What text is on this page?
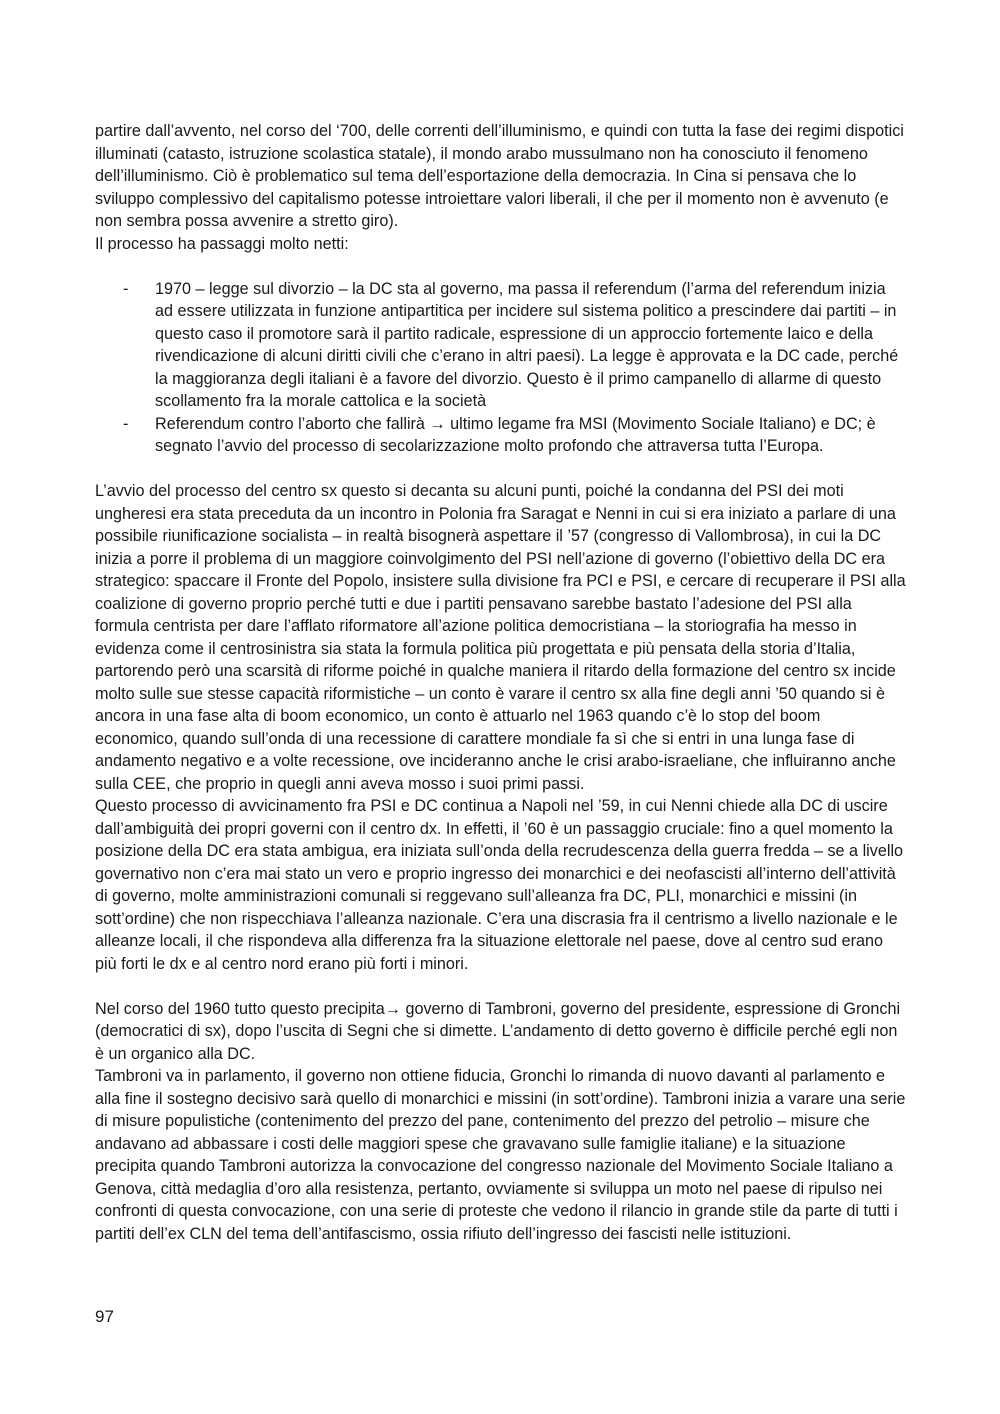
partire dall’avvento, nel corso del ‘700, delle correnti dell’illuminismo, e quindi con tutta la fase dei regimi dispotici illuminati (catasto, istruzione scolastica statale), il mondo arabo mussulmano non ha conosciuto il fenomeno dell’illuminismo. Ciò è problematico sul tema dell’esportazione della democrazia. In Cina si pensava che lo sviluppo complessivo del capitalismo potesse introiettare valori liberali, il che per il momento non è avvenuto (e non sembra possa avvenire a stretto giro).

Il processo ha passaggi molto netti:

- 1970 – legge sul divorzio – la DC sta al governo, ma passa il referendum (l’arma del referendum inizia ad essere utilizzata in funzione antipartitica per incidere sul sistema politico a prescindere dai partiti – in questo caso il promotore sarà il partito radicale, espressione di un approccio fortemente laico e della rivendicazione di alcuni diritti civili che c’erano in altri paesi). La legge è approvata e la DC cade, perché la maggioranza degli italiani è a favore del divorzio. Questo è il primo campanello di allarme di questo scollamento fra la morale cattolica e la società
- Referendum contro l’aborto che fallirà → ultimo legame fra MSI (Movimento Sociale Italiano) e DC; è segnato l’avvio del processo di secolarizzazione molto profondo che attraversa tutta l’Europa.

L’avvio del processo del centro sx questo si decanta su alcuni punti, poiché la condanna del PSI dei moti ungheresi era stata preceduta da un incontro in Polonia fra Saragat e Nenni in cui si era iniziato a parlare di una possibile riunificazione socialista – in realtà bisognerà aspettare il ’57 (congresso di Vallombrosa), in cui la DC inizia a porre il problema di un maggiore coinvolgimento del PSI nell’azione di governo (l’obiettivo della DC era strategico: spaccare il Fronte del Popolo, insistere sulla divisione fra PCI e PSI, e cercare di recuperare il PSI alla coalizione di governo proprio perché tutti e due i partiti pensavano sarebbe bastato l’adesione del PSI alla formula centrista per dare l’afflato riformatore all’azione politica democristiana – la storiografia ha messo in evidenza come il centrosinistra sia stata la formula politica più progettata e più pensata della storia d’Italia, partorendo però una scarsità di riforme poiché in qualche maniera il ritardo della formazione del centro sx incide molto sulle sue stesse capacità riformistiche – un conto è varare il centro sx alla fine degli anni ’50 quando si è ancora in una fase alta di boom economico, un conto è attuarlo nel 1963 quando c’è lo stop del boom economico, quando sull’onda di una recessione di carattere mondiale fa sì che si entri in una lunga fase di andamento negativo e a volte recessione, ove incideranno anche le crisi arabo-israeliane, che influiranno anche sulla CEE, che proprio in quegli anni aveva mosso i suoi primi passi.

Questo processo di avvicinamento fra PSI e DC continua a Napoli nel ’59, in cui Nenni chiede alla DC di uscire dall’ambiguità dei propri governi con il centro dx. In effetti, il ’60 è un passaggio cruciale: fino a quel momento la posizione della DC era stata ambigua, era iniziata sull’onda della recrudescenza della guerra fredda – se a livello governativo non c’era mai stato un vero e proprio ingresso dei monarchici e dei neofascisti all’interno dell’attività di governo, molte amministrazioni comunali si reggevano sull’alleanza fra DC, PLI, monarchici e missini (in sott’ordine) che non rispecchiava l’alleanza nazionale. C’era una discrasia fra il centrismo a livello nazionale e le alleanze locali, il che rispondeva alla differenza fra la situazione elettorale nel paese, dove al centro sud erano più forti le dx e al centro nord erano più forti i minori.

Nel corso del 1960 tutto questo precipita→ governo di Tambroni, governo del presidente, espressione di Gronchi (democratici di sx), dopo l’uscita di Segni che si dimette. L’andamento di detto governo è difficile perché egli non è un organico alla DC.

Tambroni va in parlamento, il governo non ottiene fiducia, Gronchi lo rimanda di nuovo davanti al parlamento e alla fine il sostegno decisivo sarà quello di monarchici e missini (in sott’ordine). Tambroni inizia a varare una serie di misure populistiche (contenimento del prezzo del pane, contenimento del prezzo del petrolio – misure che andavano ad abbassare i costi delle maggiori spese che gravavano sulle famiglie italiane) e la situazione precipita quando Tambroni autorizza la convocazione del congresso nazionale del Movimento Sociale Italiano a Genova, città medaglia d’oro alla resistenza, pertanto, ovviamente si sviluppa un moto nel paese di ripulso nei confronti di questa convocazione, con una serie di proteste che vedono il rilancio in grande stile da parte di tutti i partiti dell’ex CLN del tema dell’antifascismo, ossia rifiuto dell’ingresso dei fascisti nelle istituzioni.

97
